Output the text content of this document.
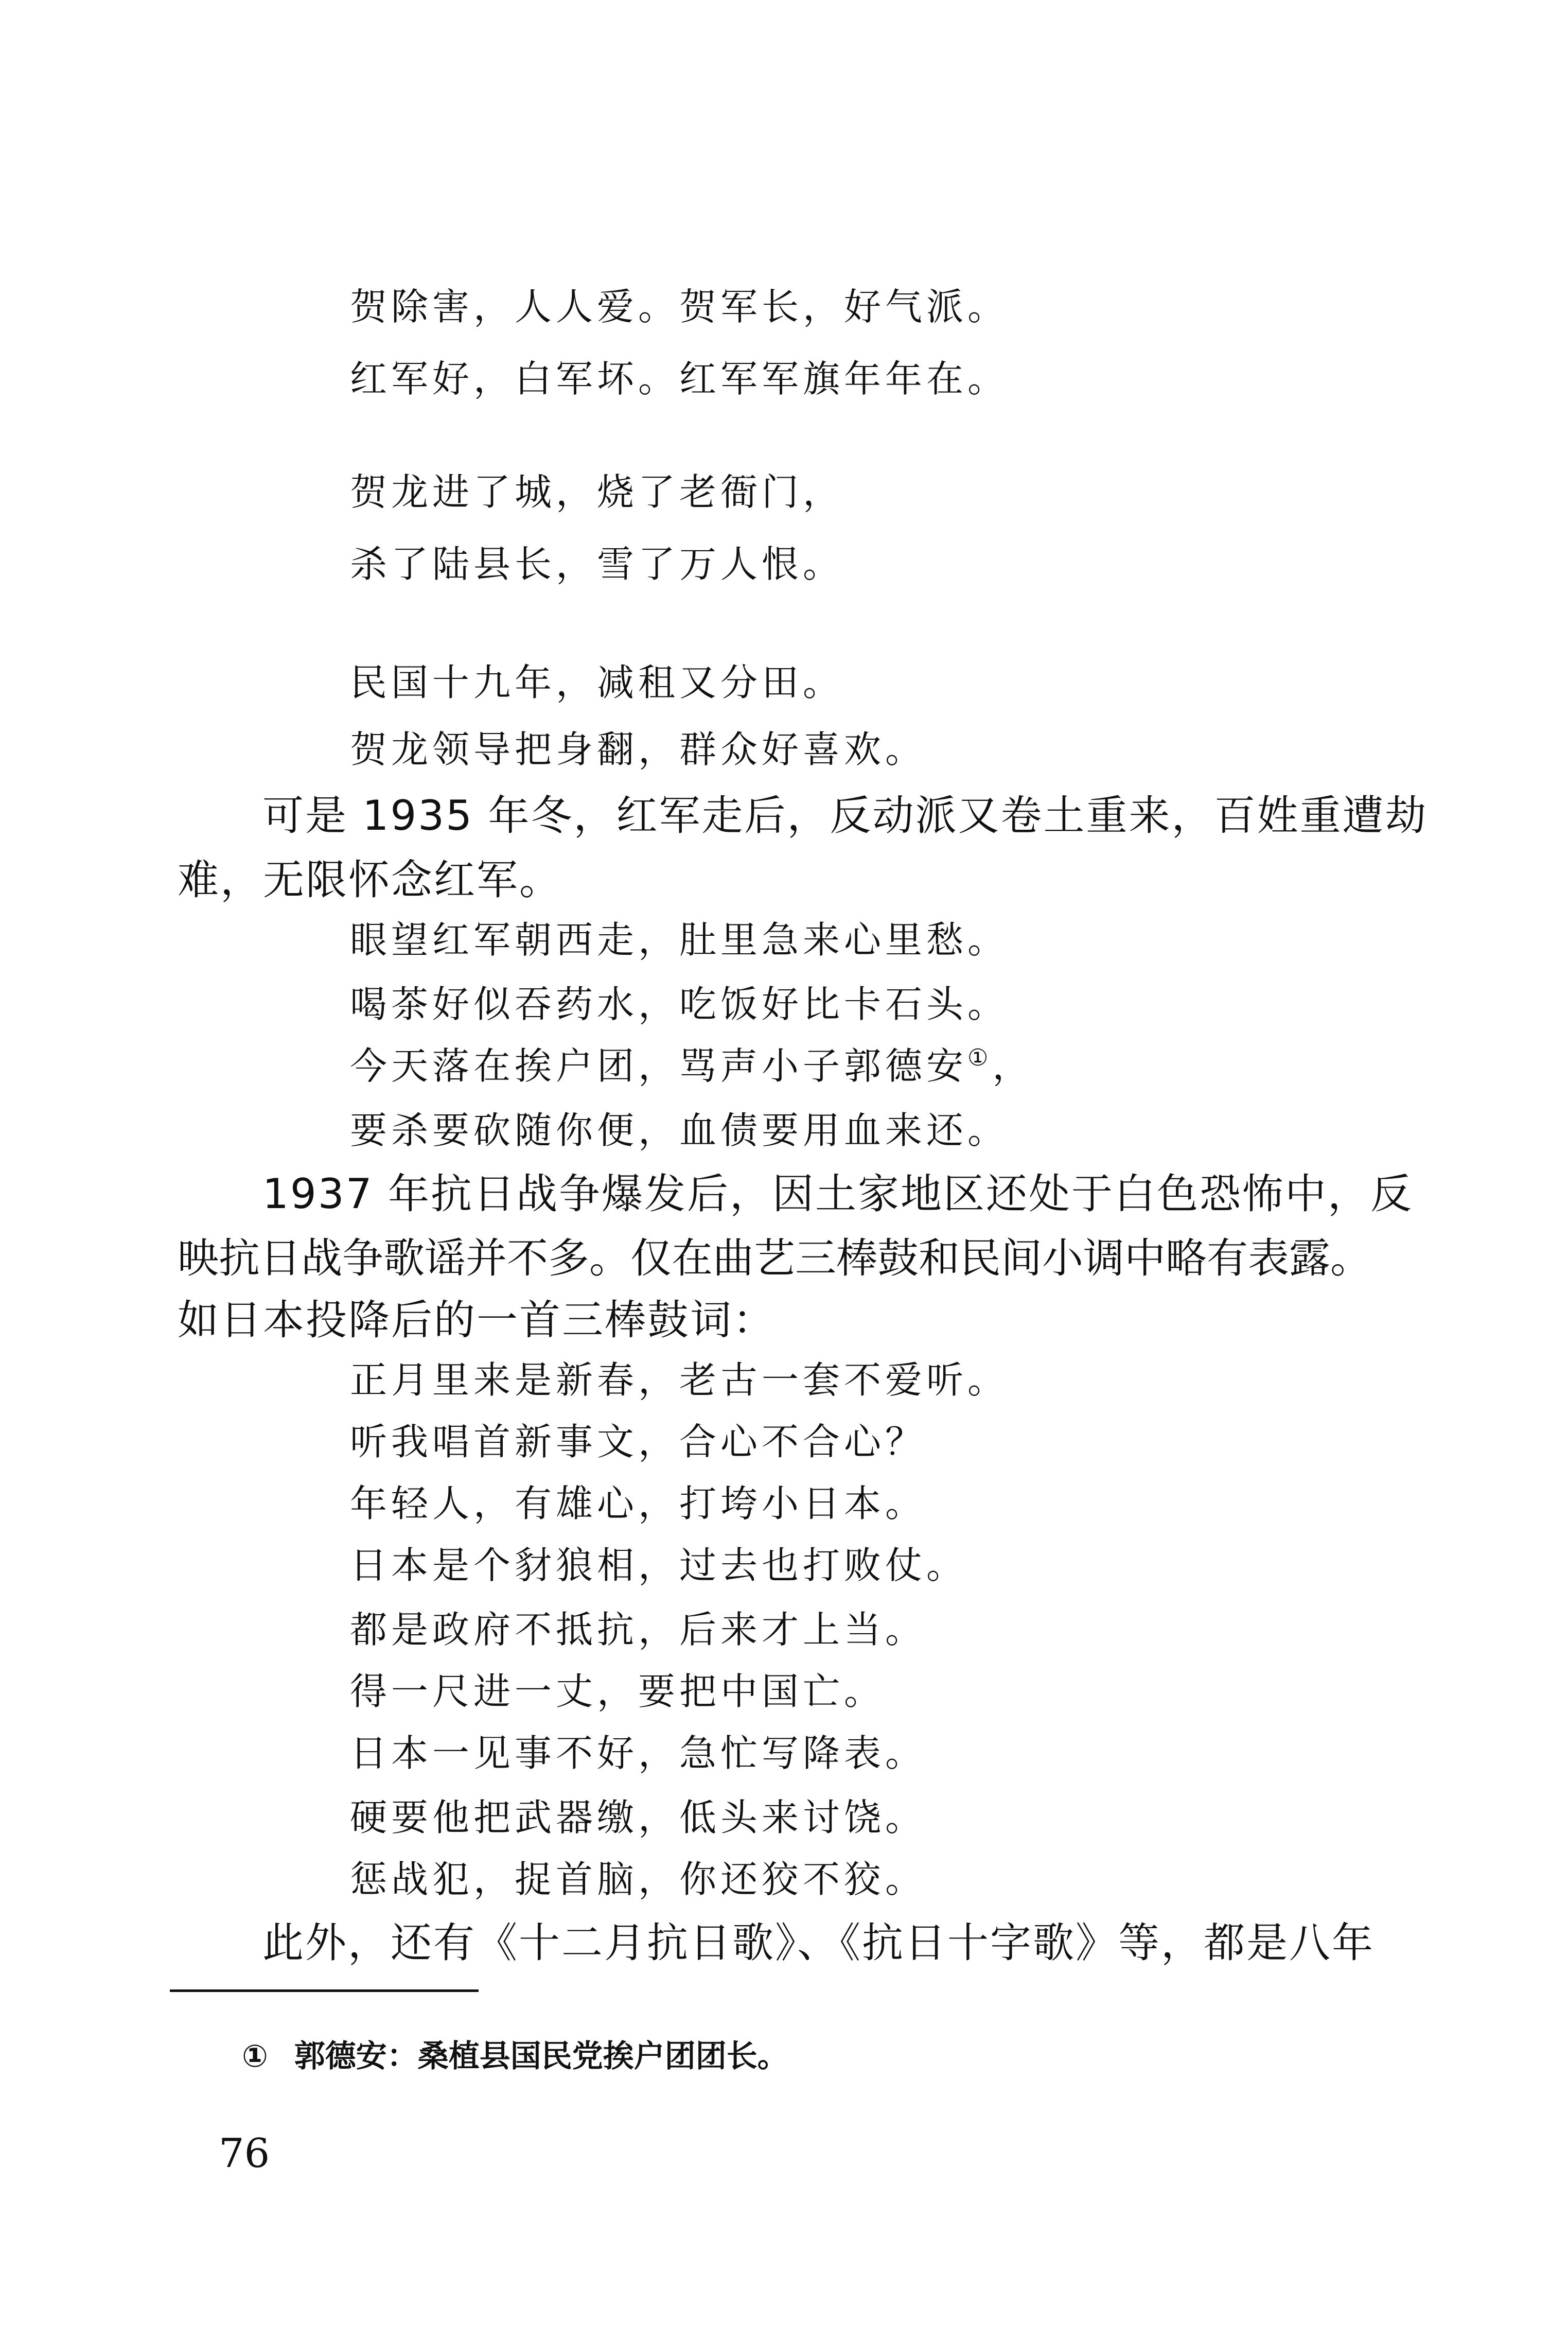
贺除害，人人爱。贺军长，好气派。

红军好，白军坏。红军军旗年年在。

贺龙进了城，烧了老衙门，

杀了陆县长，雪了万人恨。

民国十九年，减租又分田。

贺龙领导把身翻，群众好喜欢。

可是 1935 年冬，红军走后，反动派又卷土重来，百姓重遭劫

难，无限怀念红军。

眼望红军朝西走，肚里急来心里愁。

喝茶好似吞药水，吃饭好比卡石头。

今天落在挨户团，骂声小子郭德安①，

要杀要砍随你便，血债要用血来还。

1937 年抗日战争爆发后，因土家地区还处于白色恐怖中，反

映抗日战争歌谣并不多。仅在曲艺三棒鼓和民间小调中略有表露。

如日本投降后的一首三棒鼓词：

正月里来是新春，老古一套不爱听。

听我唱首新事文，合心不合心？

年轻人，有雄心，打垮小日本。

日本是个豺狼相，过去也打败仗。

都是政府不抵抗，后来才上当。

得一尺进一丈，要把中国亡。

日本一见事不好，急忙写降表。

硬要他把武器缴，低头来讨饶。

惩战犯，捉首脑，你还狡不狡。

此外，还有《十二月抗日歌》、《抗日十字歌》等，都是八年

① 郭德安：桑植县国民党挨户团团长。
76
